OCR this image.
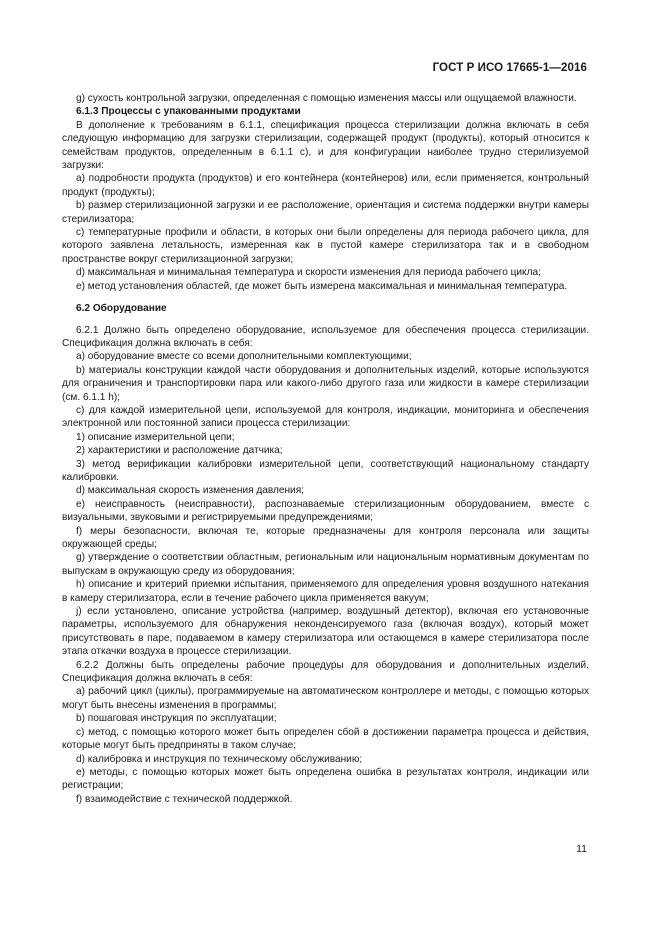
ГОСТ Р ИСО 17665-1—2016

g) сухость контрольной загрузки, определенная с помощью изменения массы или ощущаемой влажности.

6.1.3 Процессы с упакованными продуктами

В дополнение к требованиям в 6.1.1, спецификация процесса стерилизации должна включать в себя следующую информацию для загрузки стерилизации, содержащей продукт (продукты), который относится к семействам продуктов, определенным в 6.1.1 с), и для конфигурации наиболее трудно стерилизуемой загрузки:

a) подробности продукта (продуктов) и его контейнера (контейнеров) или, если применяется, контрольный продукт (продукты);

b) размер стерилизационной загрузки и ее расположение, ориентация и система поддержки внутри камеры стерилизатора;

c) температурные профили и области, в которых они были определены для периода рабочего цикла, для которого заявлена летальность, измеренная как в пустой камере стерилизатора так и в свободном пространстве вокруг стерилизационной загрузки;

d) максимальная и минимальная температура и скорости изменения для периода рабочего цикла;

e) метод установления областей, где может быть измерена максимальная и минимальная температура.

6.2 Оборудование

6.2.1 Должно быть определено оборудование, используемое для обеспечения процесса стерилизации. Спецификация должна включать в себя:

a) оборудование вместе со всеми дополнительными комплектующими;

b) материалы конструкции каждой части оборудования и дополнительных изделий, которые используются для ограничения и транспортировки пара или какого-либо другого газа или жидкости в камере стерилизации (см. 6.1.1 h);

c) для каждой измерительной цепи, используемой для контроля, индикации, мониторинга и обеспечения электронной или постоянной записи процесса стерилизации:

1) описание измерительной цепи;

2) характеристики и расположение датчика;

3) метод верификации калибровки измерительной цепи, соответствующий национальному стандарту калибровки.

d) максимальная скорость изменения давления;

e) неисправность (неисправности), распознаваемые стерилизационным оборудованием, вместе с визуальными, звуковыми и регистрируемыми предупреждениями;

f) меры безопасности, включая те, которые предназначены для контроля персонала или защиты окружающей среды;

g) утверждение о соответствии областным, региональным или национальным нормативным документам по выпускам в окружающую среду из оборудования;

h) описание и критерий приемки испытания, применяемого для определения уровня воздушного натекания в камеру стерилизатора, если в течение рабочего цикла применяется вакуум;

j) если установлено, описание устройства (например, воздушный детектор), включая его установочные параметры, используемого для обнаружения неконденсируемого газа (включая воздух), который может присутствовать в паре, подаваемом в камеру стерилизатора или остающемся в камере стерилизатора после этапа откачки воздуха в процессе стерилизации.

6.2.2 Должны быть определены рабочие процедуры для оборудования и дополнительных изделий. Спецификация должна включать в себя:

a) рабочий цикл (циклы), программируемые на автоматическом контроллере и методы, с помощью которых могут быть внесены изменения в программы;

b) пошаговая инструкция по эксплуатации;

c) метод, с помощью которого может быть определен сбой в достижении параметра процесса и действия, которые могут быть предприняты в таком случае;

d) калибровка и инструкция по техническому обслуживанию;

e) методы, с помощью которых может быть определена ошибка в результатах контроля, индикации или регистрации;

f) взаимодействие с технической поддержкой.

11
